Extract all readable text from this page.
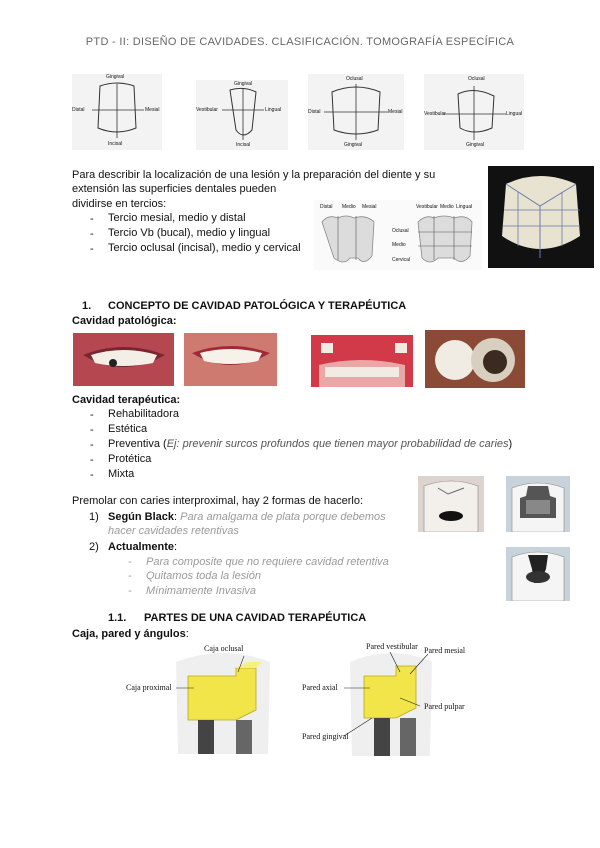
PTD - II: DISEÑO DE CAVIDADES. CLASIFICACIÓN. TOMOGRAFÍA ESPECÍFICA
Gingival
Distal	Mesial
Incisal
Gingival
Vestibular	Lingual
Incisal
Oclusal
Distal	Mesial
Gingival
Oclusal
Vestibular	Lingual
Gingival
Para describir la localización de una lesión y la preparación del diente y su
extensión las superficies dentales pueden
dividirse en tercios:
- Tercio mesial, medio y distal
- Tercio Vb (bucal), medio y lingual
- Tercio oclusal (incisal), medio y cervical
Distal Medio Mesial	Vestibular Medio Lingual
Oclusal
Medio
Cervical
1. CONCEPTO DE CAVIDAD PATOLÓGICA Y TERAPÉUTICA
Cavidad patológica:
Cavidad terapéutica:
- Rehabilitadora
- Estética
- Preventiva (Ej: prevenir surcos profundos que tienen mayor probabilidad de caries)
- Protética
- Mixta
Premolar con caries interproximal, hay 2 formas de hacerlo:
1) Según Black: Para amalgama de plata porque debemos
hacer cavidades retentivas
2) Actualmente:
- Para composite que no requiere cavidad retentiva
- Quitamos toda la lesión
- Mínimamente Invasiva
1.1. PARTES DE UNA CAVIDAD TERAPÉUTICA
Caja, pared y ángulos:
Caja oclusal
Caja proximal
Pared vestibular Pared mesial
Pared axial
Pared pulpar
Pared gingival
